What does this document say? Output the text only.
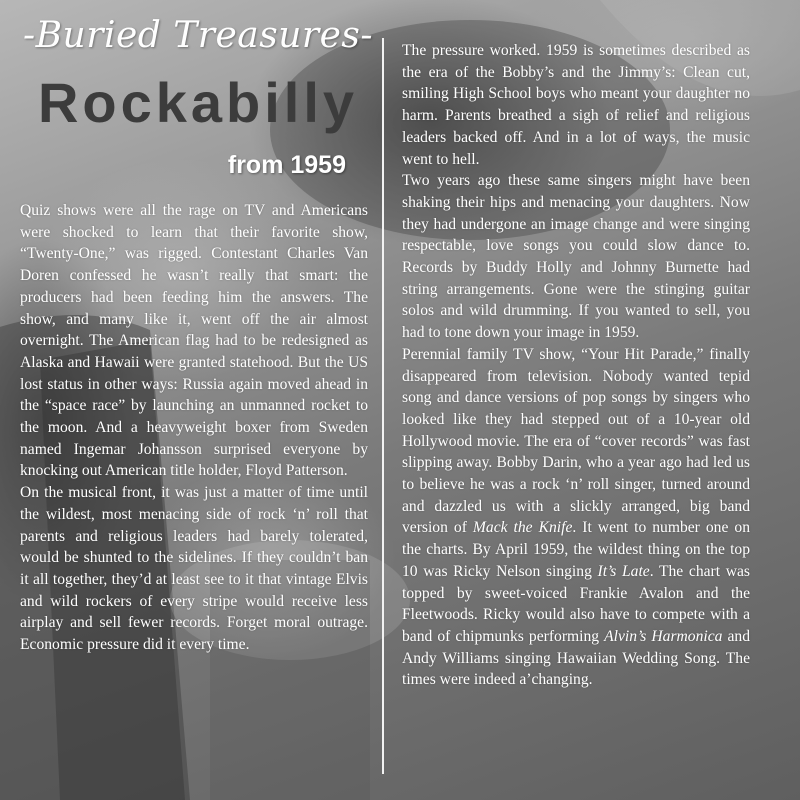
-Buried Treasures-
Rockabilly
from 1959

Quiz shows were all the rage on TV and Americans were shocked to learn that their favorite show, “Twenty-One,” was rigged. Contestant Charles Van Doren confessed he wasn’t really that smart: the producers had been feeding him the answers. The show, and many like it, went off the air almost overnight. The American flag had to be redesigned as Alaska and Hawaii were granted statehood. But the US lost status in other ways: Russia again moved ahead in the “space race” by launching an unmanned rocket to the moon. And a heavyweight boxer from Sweden named Ingemar Johansson surprised everyone by knocking out American title holder, Floyd Patterson.

On the musical front, it was just a matter of time until the wildest, most menacing side of rock ‘n’ roll that parents and religious leaders had barely tolerated, would be shunted to the sidelines. If they couldn’t ban it all together, they’d at least see to it that vintage Elvis and wild rockers of every stripe would receive less airplay and sell fewer records. Forget moral outrage. Economic pressure did it every time.

The pressure worked. 1959 is sometimes described as the era of the Bobby’s and the Jimmy’s: Clean cut, smiling High School boys who meant your daughter no harm. Parents breathed a sigh of relief and religious leaders backed off. And in a lot of ways, the music went to hell.

Two years ago these same singers might have been shaking their hips and menacing your daughters. Now they had undergone an image change and were singing respectable, love songs you could slow dance to. Records by Buddy Holly and Johnny Burnette had string arrangements. Gone were the stinging guitar solos and wild drumming. If you wanted to sell, you had to tone down your image in 1959.

Perennial family TV show, “Your Hit Parade,” finally disappeared from television. Nobody wanted tepid song and dance versions of pop songs by singers who looked like they had stepped out of a 10-year old Hollywood movie. The era of “cover records” was fast slipping away. Bobby Darin, who a year ago had led us to believe he was a rock ‘n’ roll singer, turned around and dazzled us with a slickly arranged, big band version of Mack the Knife. It went to number one on the charts. By April 1959, the wildest thing on the top 10 was Ricky Nelson singing It’s Late. The chart was topped by sweet-voiced Frankie Avalon and the Fleetwoods. Ricky would also have to compete with a band of chipmunks performing Alvin’s Harmonica and Andy Williams singing Hawaiian Wedding Song. The times were indeed a’changing.
